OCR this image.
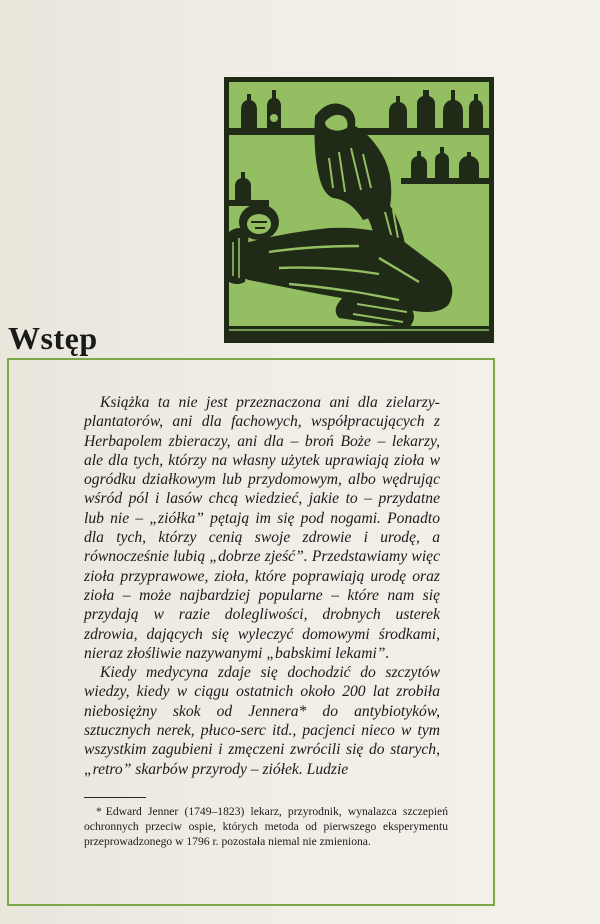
Wstęp

Książka ta nie jest przeznaczona ani dla zielarzy-plantatorów, ani dla fachowych, współpracujących z Herbapolem zbieraczy, ani dla – broń Boże – lekarzy, ale dla tych, którzy na własny użytek uprawiają zioła w ogródku działkowym lub przydomowym, albo wędrując wśród pól i lasów chcą wiedzieć, jakie to – przydatne lub nie – „ziółka” pętają im się pod nogami. Ponadto dla tych, którzy cenią swoje zdrowie i urodę, a równocześnie lubią „dobrze zjeść”. Przedstawiamy więc zioła przyprawowe, zioła, które poprawiają urodę oraz zioła – może najbardziej popularne – które nam się przydają w razie dolegliwości, drobnych usterek zdrowia, dających się wyleczyć domowymi środkami, nieraz złośliwie nazywanymi „babskimi lekami”.

Kiedy medycyna zdaje się dochodzić do szczytów wiedzy, kiedy w ciągu ostatnich około 200 lat zrobiła niebosiężny skok od Jennera* do antybiotyków, sztucznych nerek, płuco-serc itd., pacjenci nieco w tym wszystkim zagubieni i zmęczeni zwrócili się do starych, „retro” skarbów przyrody – ziółek. Ludzie

* Edward Jenner (1749–1823) lekarz, przyrodnik, wynalazca szczepień ochronnych przeciw ospie, których metoda od pierwszego eksperymentu przeprowadzonego w 1796 r. pozostała niemal nie zmieniona.
